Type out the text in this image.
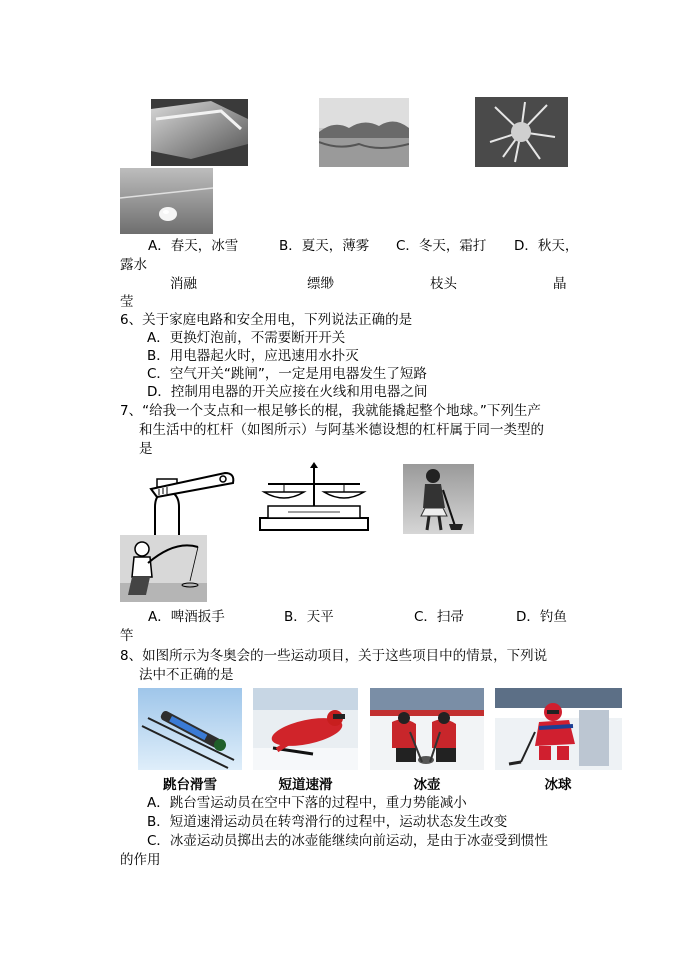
A．春天，冰雪	B．夏天，薄雾 C．冬天，霜打 D．秋天，
露水
消融	缥缈	枝头	晶
莹
6、关于家庭电路和安全用电，下列说法正确的是
A．更换灯泡前，不需要断开开关
B．用电器起火时，应迅速用水扑灭
C．空气开关“跳闸”，一定是用电器发生了短路
D．控制用电器的开关应接在火线和用电器之间
7、“给我一个支点和一根足够长的棍，我就能撬起整个地球。”下列生产
和生活中的杠杆（如图所示）与阿基米德设想的杠杆属于同一类型的
是
A．啤酒扳手	B．天平	C．扫帚	D．钓鱼
竿
8、如图所示为冬奥会的一些运动项目，关于这些项目中的情景，下列说
法中不正确的是
跳台滑雪	短道速滑	冰壶	冰球
A．跳台雪运动员在空中下落的过程中，重力势能减小
B．短道速滑运动员在转弯滑行的过程中，运动状态发生改变
C．冰壶运动员掷出去的冰壶能继续向前运动，是由于冰壶受到惯性
的作用
